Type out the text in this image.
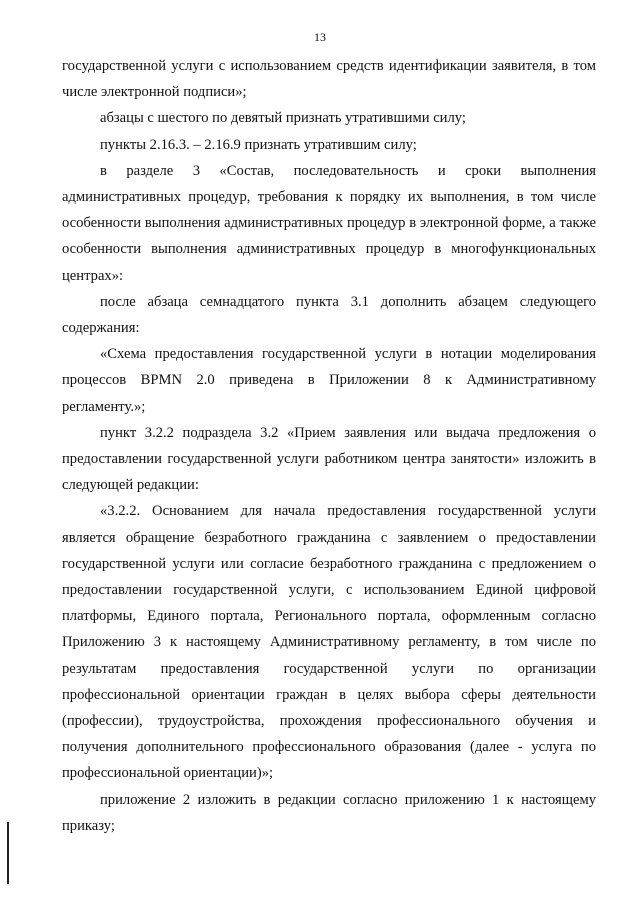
13

государственной услуги с использованием средств идентификации заявителя, в том числе электронной подписи»;

абзацы с шестого по девятый признать утратившими силу;

пункты 2.16.3. – 2.16.9 признать утратившим силу;

в разделе 3 «Состав, последовательность и сроки выполнения административных процедур, требования к порядку их выполнения, в том числе особенности выполнения административных процедур в электронной форме, а также особенности выполнения административных процедур в многофункциональных центрах»:

после абзаца семнадцатого пункта 3.1 дополнить абзацем следующего содержания:

«Схема предоставления государственной услуги в нотации моделирования процессов BPMN 2.0 приведена в Приложении 8 к Административному регламенту.»;

пункт 3.2.2 подраздела 3.2 «Прием заявления или выдача предложения о предоставлении государственной услуги работником центра занятости» изложить в следующей редакции:

«3.2.2. Основанием для начала предоставления государственной услуги является обращение безработного гражданина с заявлением о предоставлении государственной услуги или согласие безработного гражданина с предложением о предоставлении государственной услуги, с использованием Единой цифровой платформы, Единого портала, Регионального портала, оформленным согласно Приложению 3 к настоящему Административному регламенту, в том числе по результатам предоставления государственной услуги по организации профессиональной ориентации граждан в целях выбора сферы деятельности (профессии), трудоустройства, прохождения профессионального обучения и получения дополнительного профессионального образования (далее - услуга по профессиональной ориентации)»;

приложение 2 изложить в редакции согласно приложению 1 к настоящему приказу;
